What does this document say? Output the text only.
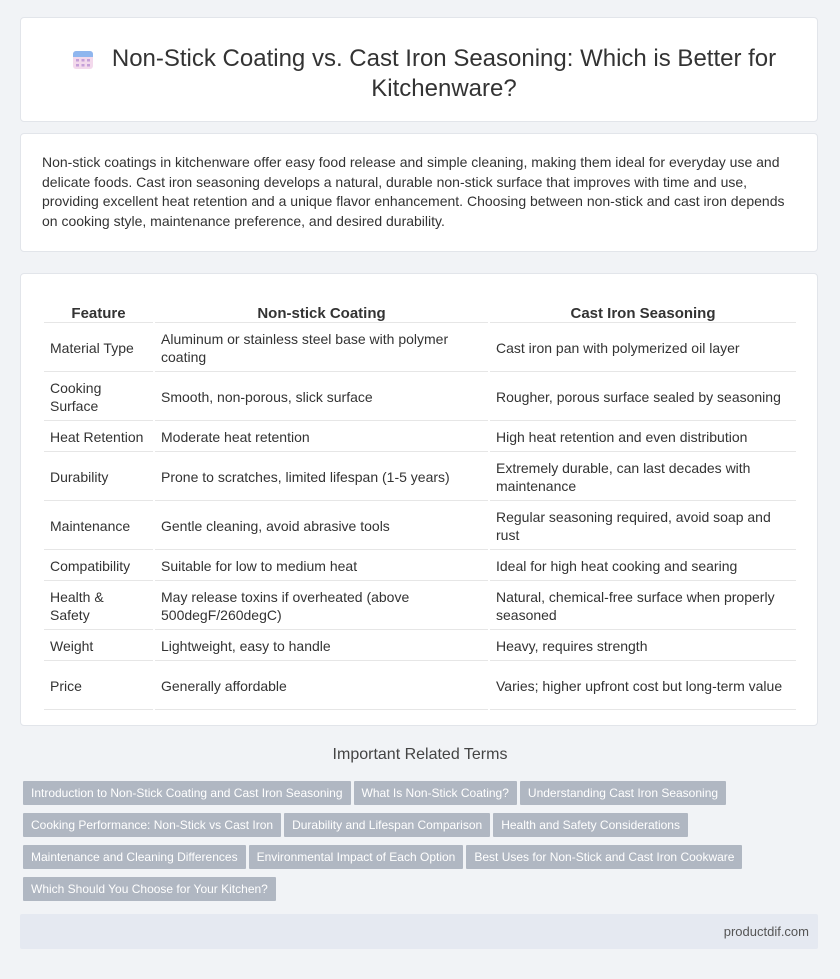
Non-Stick Coating vs. Cast Iron Seasoning: Which is Better for Kitchenware?
Non-stick coatings in kitchenware offer easy food release and simple cleaning, making them ideal for everyday use and delicate foods. Cast iron seasoning develops a natural, durable non-stick surface that improves with time and use, providing excellent heat retention and a unique flavor enhancement. Choosing between non-stick and cast iron depends on cooking style, maintenance preference, and desired durability.
Feature	Non-stick Coating	Cast Iron Seasoning
Material Type	Aluminum or stainless steel base with polymer coating	Cast iron pan with polymerized oil layer
Cooking Surface	Smooth, non-porous, slick surface	Rougher, porous surface sealed by seasoning
Heat Retention	Moderate heat retention	High heat retention and even distribution
Durability	Prone to scratches, limited lifespan (1-5 years)	Extremely durable, can last decades with maintenance
Maintenance	Gentle cleaning, avoid abrasive tools	Regular seasoning required, avoid soap and rust
Compatibility	Suitable for low to medium heat	Ideal for high heat cooking and searing
Health & Safety	May release toxins if overheated (above 500degF/260degC)	Natural, chemical-free surface when properly seasoned
Weight	Lightweight, easy to handle	Heavy, requires strength
Price	Generally affordable	Varies; higher upfront cost but long-term value
Important Related Terms
Introduction to Non-Stick Coating and Cast Iron Seasoning What Is Non-Stick Coating? Understanding Cast Iron Seasoning
Cooking Performance: Non-Stick vs Cast Iron Durability and Lifespan Comparison Health and Safety Considerations
Maintenance and Cleaning Differences Environmental Impact of Each Option Best Uses for Non-Stick and Cast Iron Cookware
Which Should You Choose for Your Kitchen?
productdif.com
